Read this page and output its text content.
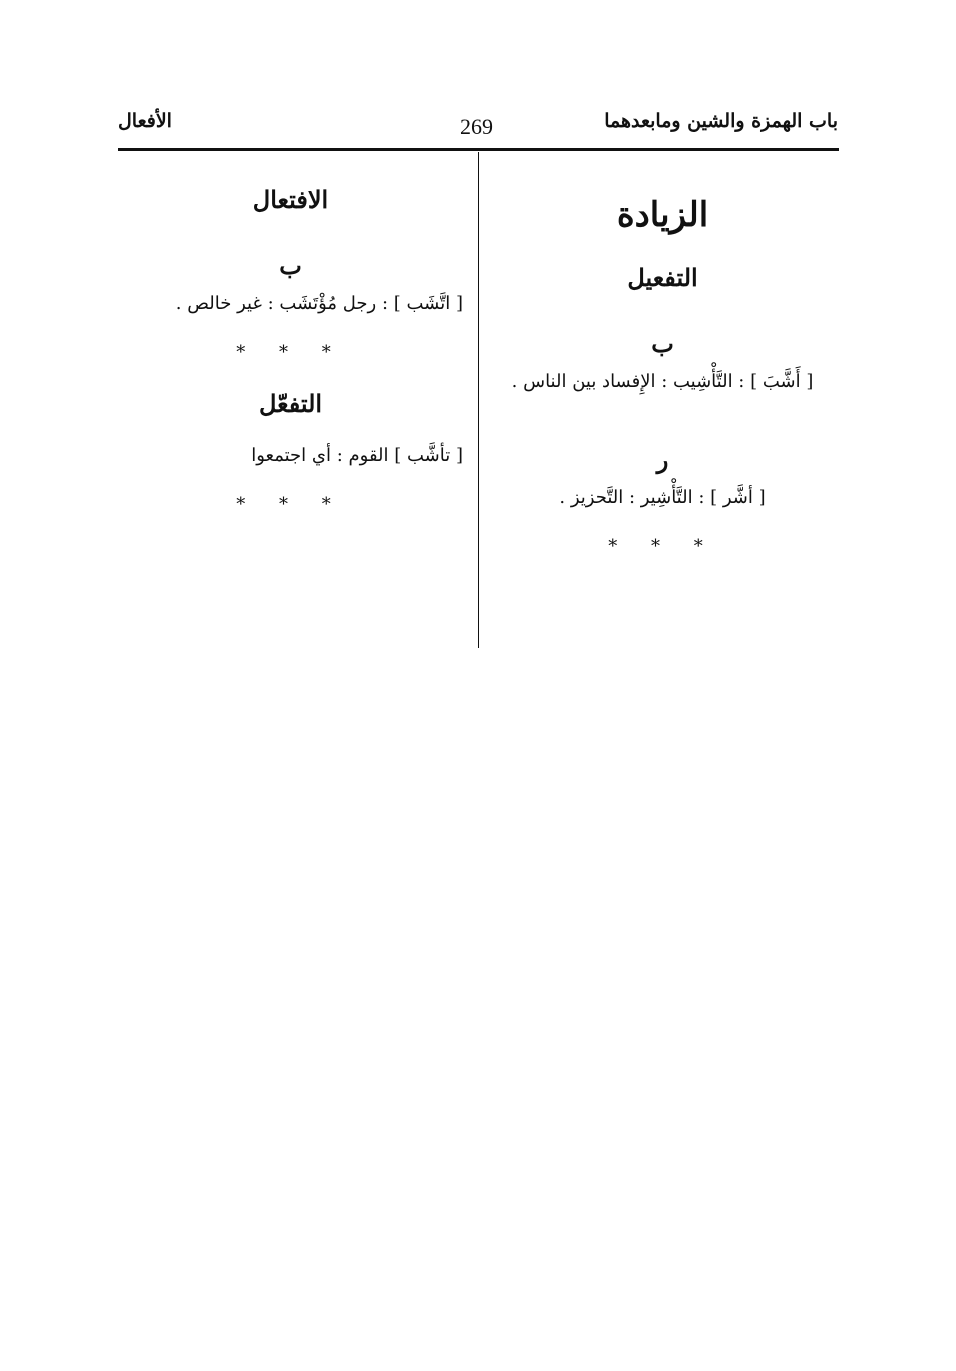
باب الهمزة والشين ومابعدهما
269
الأفعال
الزيادة
التفعيل
ب
[ أَشَّبَ ] : التَّأْشِيب : الإِفساد بين الناس .
ر
[ أشَّر ] : التَّأْشِير : التَّحزيز .
* * *
الافتعال
ب
[ اتَّشَب ] : رجل مُؤْتَشَب : غير خالص .
* * *
التفعّل
[ تأشَّب ] القوم : أي اجتمعوا
* * *
